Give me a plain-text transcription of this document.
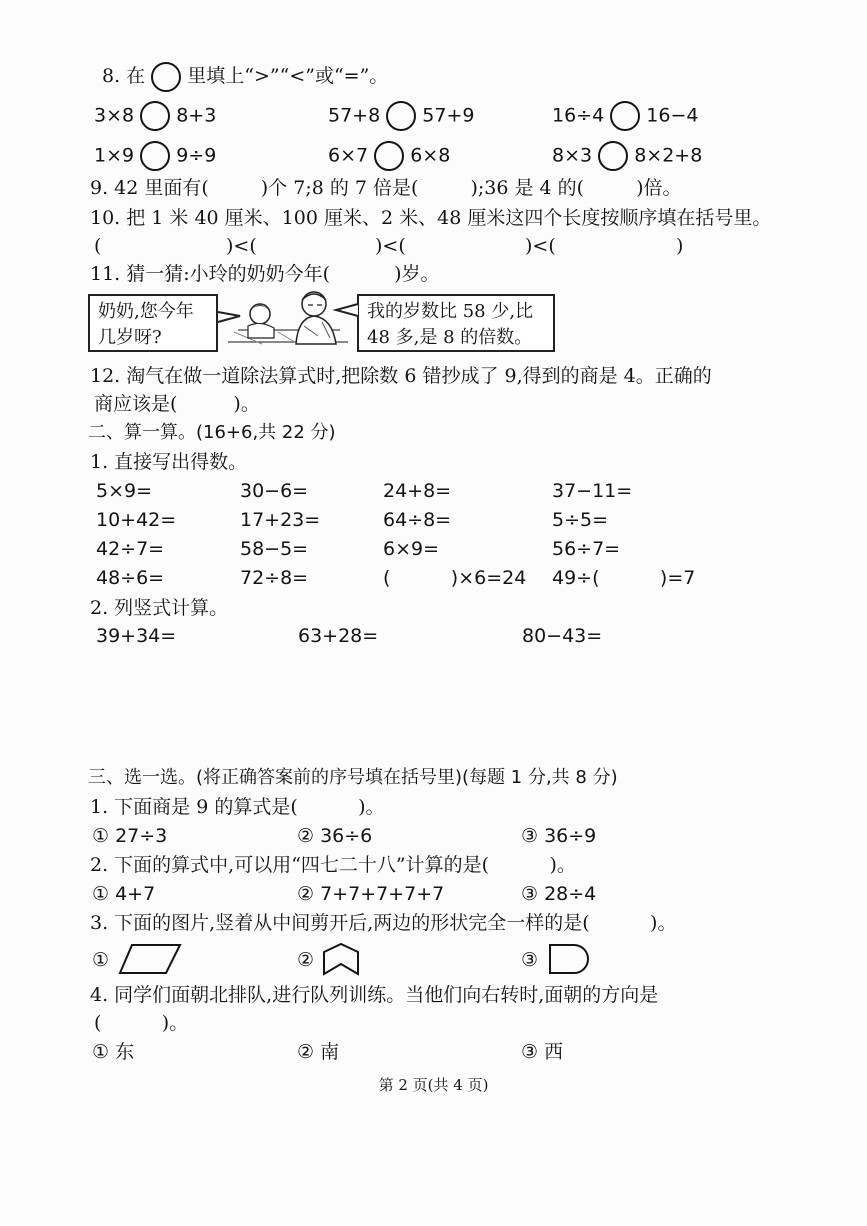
8. 在 里填上“>”“<”或“=”。
3×8 8+3	57+8 57+9	16÷4 16−4
1×9 9÷9	6×7 6×8	8×3 8×2+8
9. 42 里面有(	)个 7;8 的 7 倍是(	);36 是 4 的(	)倍。
10. 把 1 米 40 厘米、100 厘米、2 米、48 厘米这四个长度按顺序填在括号里。
(	)<(	)<(	)<(	)
11. 猜一猜:小玲的奶奶今年(	)岁。
奶奶,您今年
几岁呀?
我的岁数比 58 少,比
48 多,是 8 的倍数。
12. 淘气在做一道除法算式时,把除数 6 错抄成了 9,得到的商是 4。正确的
商应该是(	)。
二、算一算。(16+6,共 22 分)
1. 直接写出得数。
5×9=	30−6=	24+8=	37−11=
10+42=	17+23=	64÷8=	5÷5=
42÷7=	58−5=	6×9=	56÷7=
48÷6=	72÷8=	(          )×6=24 49÷(          )=7
2. 列竖式计算。
39+34=	63+28=	80−43=
三、选一选。(将正确答案前的序号填在括号里)(每题 1 分,共 8 分)
1. 下面商是 9 的算式是(          )。
① 27÷3	② 36÷6	③ 36÷9
2. 下面的算式中,可以用“四七二十八”计算的是(          )。
① 4+7	② 7+7+7+7+7	③ 28÷4
3. 下面的图片,竖着从中间剪开后,两边的形状完全一样的是(          )。
①	②	③
4. 同学们面朝北排队,进行队列训练。当他们向右转时,面朝的方向是
(          )。
① 东	② 南	③ 西
第 2 页(共 4 页)
